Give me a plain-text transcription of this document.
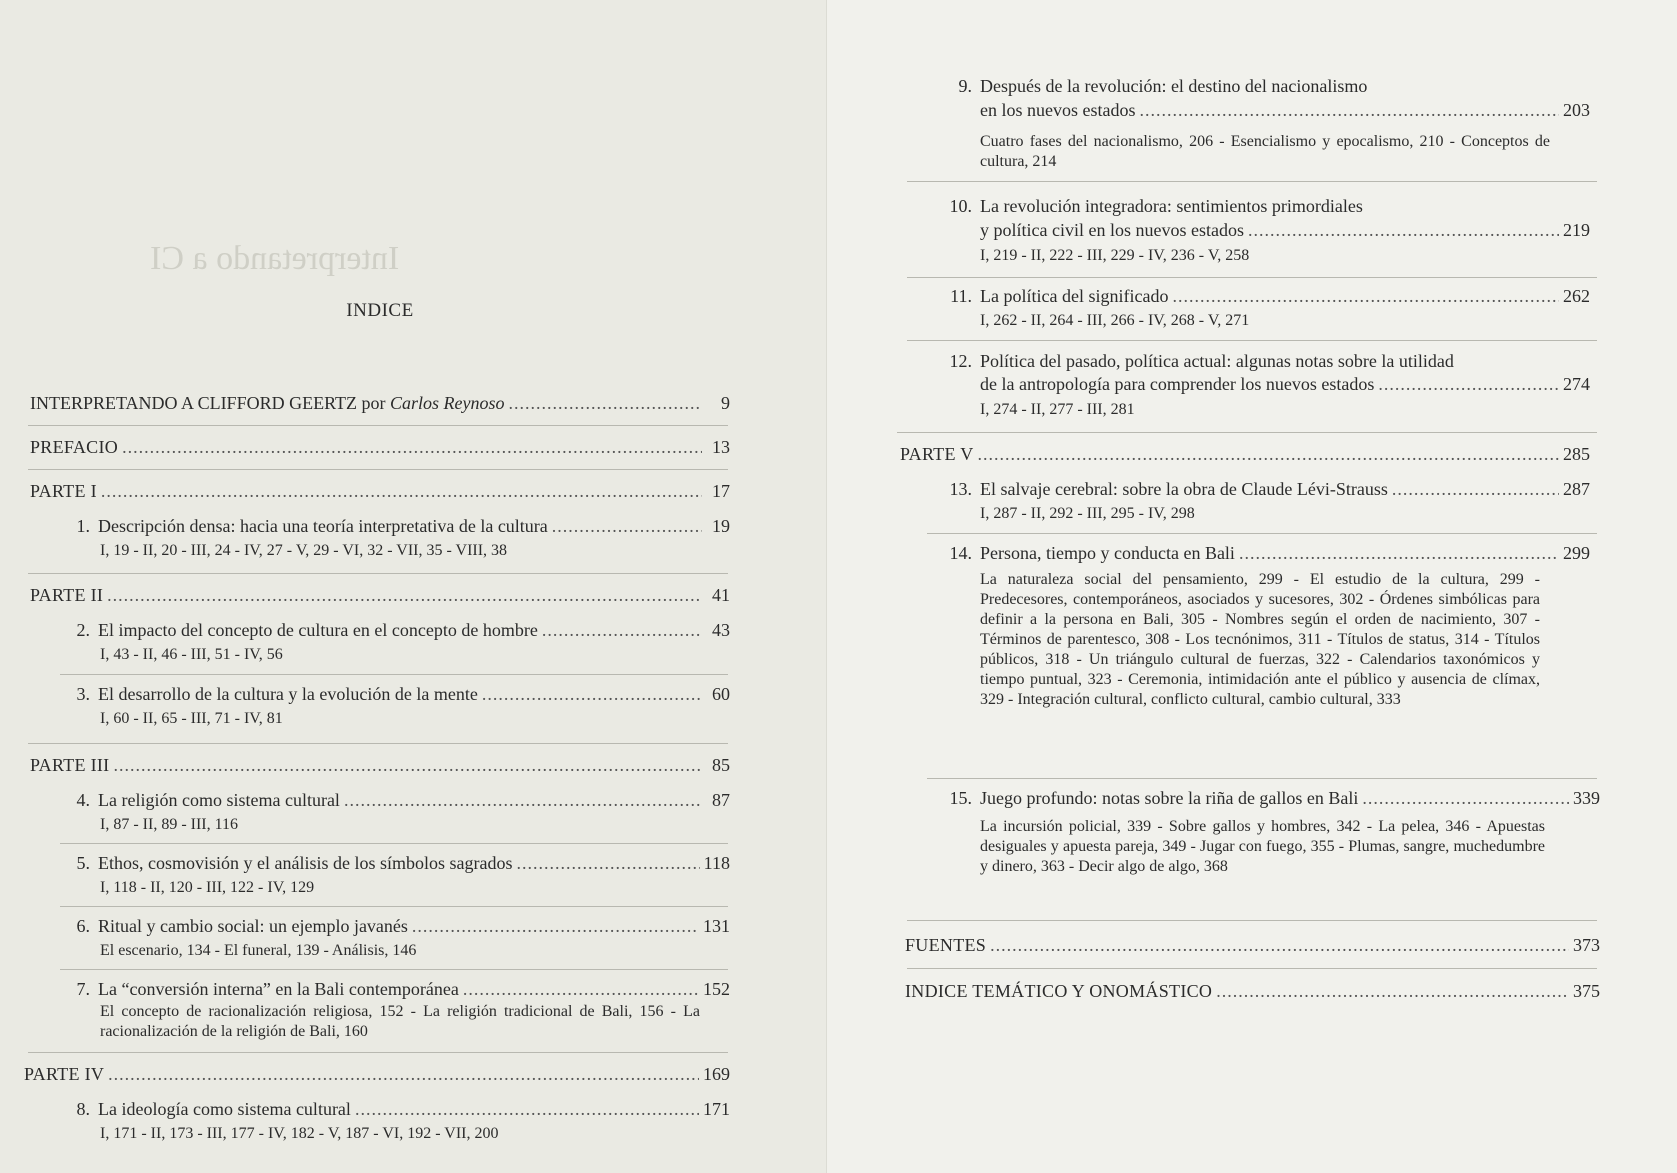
Interpretando a CI
INDICE
INTERPRETANDO A CLIFFORD GEERTZ por Carlos Reynoso .....	9
PREFACIO .....	13
PARTE I .....	17
1. Descripción densa: hacia una teoría interpretativa de la cultura .....	19
I, 19 - II, 20 - III, 24 - IV, 27 - V, 29 - VI, 32 - VII, 35 - VIII, 38
PARTE II .....	41
2. El impacto del concepto de cultura en el concepto de hombre .....	43
I, 43 - II, 46 - III, 51 - IV, 56
3. El desarrollo de la cultura y la evolución de la mente .....	60
I, 60 - II, 65 - III, 71 - IV, 81
PARTE III .....	85
4. La religión como sistema cultural .....	87
I, 87 - II, 89 - III, 116
5. Ethos, cosmovisión y el análisis de los símbolos sagrados .....	118
I, 118 - II, 120 - III, 122 - IV, 129
6. Ritual y cambio social: un ejemplo javanés .....	131
El escenario, 134 - El funeral, 139 - Análisis, 146
7. La “conversión interna” en la Bali contemporánea .....	152
El concepto de racionalización religiosa, 152 - La religión tradicional de Bali, 156 - La racionalización de la religión de Bali, 160
PARTE IV .....	169
8. La ideología como sistema cultural .....	171
I, 171 - II, 173 - III, 177 - IV, 182 - V, 187 - VI, 192 - VII, 200
9. Después de la revolución: el destino del nacionalismo
en los nuevos estados .....	203
Cuatro fases del nacionalismo, 206 - Esencialismo y epocalismo, 210 - Conceptos de cultura, 214
10. La revolución integradora: sentimientos primordiales
y política civil en los nuevos estados .....	219
I, 219 - II, 222 - III, 229 - IV, 236 - V, 258
11. La política del significado .....	262
I, 262 - II, 264 - III, 266 - IV, 268 - V, 271
12. Política del pasado, política actual: algunas notas sobre la utilidad
de la antropología para comprender los nuevos estados .....	274
I, 274 - II, 277 - III, 281
PARTE V .....	285
13. El salvaje cerebral: sobre la obra de Claude Lévi-Strauss .....	287
I, 287 - II, 292 - III, 295 - IV, 298
14. Persona, tiempo y conducta en Bali .....	299
La naturaleza social del pensamiento, 299 - El estudio de la cultura, 299 - Predecesores, contemporáneos, asociados y sucesores, 302 - Órdenes simbólicas para definir a la persona en Bali, 305 - Nombres según el orden de nacimiento, 307 - Términos de parentesco, 308 - Los tecnónimos, 311 - Títulos de status, 314 - Títulos públicos, 318 - Un triángulo cultural de fuerzas, 322 - Calendarios taxonómicos y tiempo puntual, 323 - Ceremonia, intimidación ante el público y ausencia de clímax, 329 - Integración cultural, conflicto cultural, cambio cultural, 333
15. Juego profundo: notas sobre la riña de gallos en Bali .....	339
La incursión policial, 339 - Sobre gallos y hombres, 342 - La pelea, 346 - Apuestas desiguales y apuesta pareja, 349 - Jugar con fuego, 355 - Plumas, sangre, muchedumbre y dinero, 363 - Decir algo de algo, 368
FUENTES .....	373
INDICE TEMÁTICO Y ONOMÁSTICO .....	375
